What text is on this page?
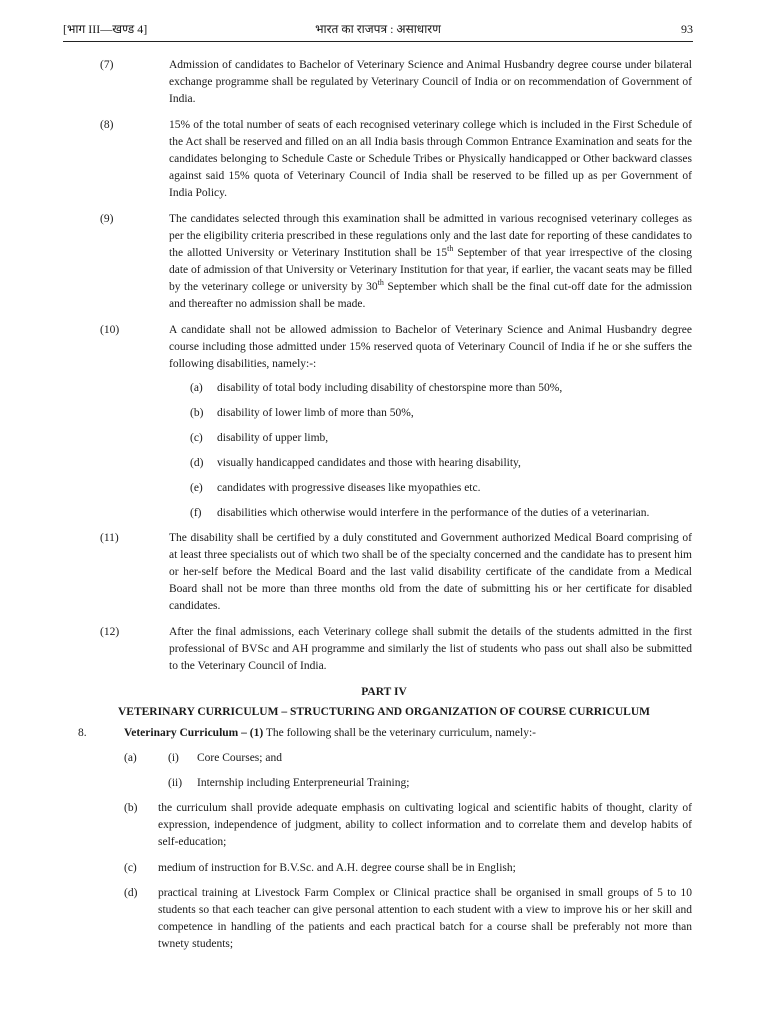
[भाग III—खण्ड 4]	भारत का राजपत्र : असाधारण	93
(7)	Admission of candidates to Bachelor of Veterinary Science and Animal Husbandry degree course under bilateral exchange programme shall be regulated by Veterinary Council of India or on recommendation of Government of India.
(8)	15% of the total number of seats of each recognised veterinary college which is included in the First Schedule of the Act shall be reserved and filled on an all India basis through Common Entrance Examination and seats for the candidates belonging to Schedule Caste or Schedule Tribes or Physically handicapped or Other backward classes against said 15% quota of Veterinary Council of India shall be reserved to be filled up as per Government of India Policy.
(9)	The candidates selected through this examination shall be admitted in various recognised veterinary colleges as per the eligibility criteria prescribed in these regulations only and the last date for reporting of these candidates to the allotted University or Veterinary Institution shall be 15th September of that year irrespective of the closing date of admission of that University or Veterinary Institution for that year, if earlier, the vacant seats may be filled by the veterinary college or university by 30th September which shall be the final cut-off date for the admission and thereafter no admission shall be made.
(10)	A candidate shall not be allowed admission to Bachelor of Veterinary Science and Animal Husbandry degree course including those admitted under 15% reserved quota of Veterinary Council of India if he or she suffers the following disabilities, namely:-:
(a)	disability of total body including disability of chestorspine more than 50%,
(b)	disability of lower limb of more than 50%,
(c)	disability of upper limb,
(d)	visually handicapped candidates and those with hearing disability,
(e)	candidates with progressive diseases like myopathies etc.
(f)	disabilities which otherwise would interfere in the performance of the duties of a veterinarian.
(11)	The disability shall be certified by a duly constituted and Government authorized Medical Board comprising of at least three specialists out of which two shall be of the specialty concerned and the candidate has to present him or her-self before the Medical Board and the last valid disability certificate of the candidate from a Medical Board shall not be more than three months old from the date of submitting his or her certificate for disabled candidates.
(12)	After the final admissions, each Veterinary college shall submit the details of the students admitted in the first professional of BVSc and AH programme and similarly the list of students who pass out shall also be submitted to the Veterinary Council of India.
PART IV
VETERINARY CURRICULUM – STRUCTURING AND ORGANIZATION OF COURSE CURRICULUM
8.	Veterinary Curriculum – (1) The following shall be the veterinary curriculum, namely:-
(a)	(i) Core Courses; and
(ii) Internship including Enterpreneurial Training;
(b) the curriculum shall provide adequate emphasis on cultivating logical and scientific habits of thought, clarity of expression, independence of judgment, ability to collect information and to correlate them and develop habits of self-education;
(c) medium of instruction for B.V.Sc. and A.H. degree course shall be in English;
(d) practical training at Livestock Farm Complex or Clinical practice shall be organised in small groups of 5 to 10 students so that each teacher can give personal attention to each student with a view to improve his or her skill and competence in handling of the patients and each practical batch for a course shall be preferably not more than twnety students;
